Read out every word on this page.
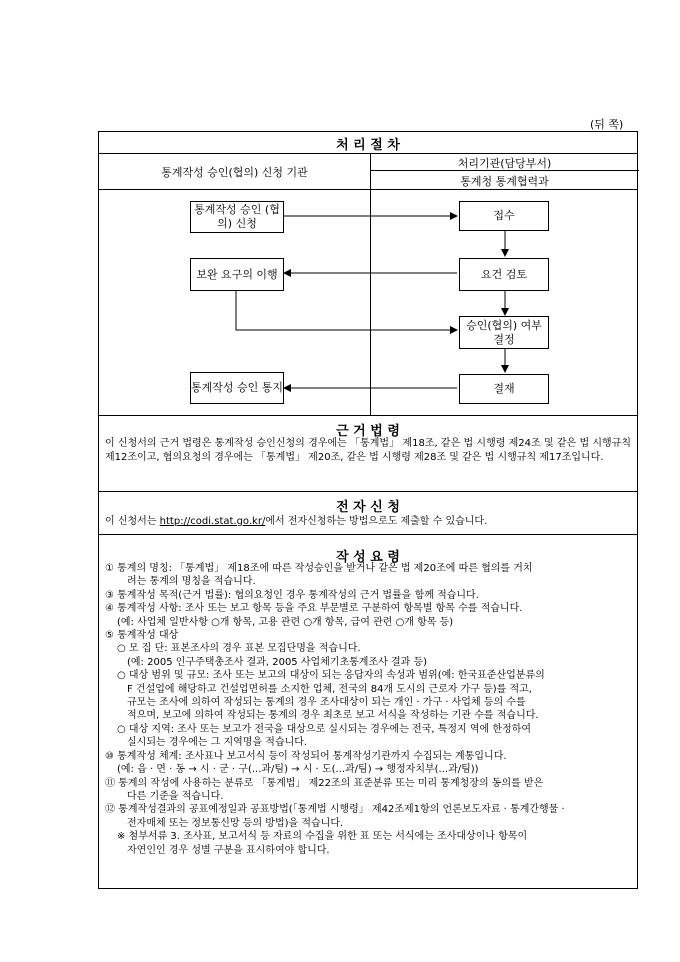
(뒤 쪽)
처 리 절 차
통계작성 승인(협의) 신청 기관
처리기관(담당부서)
통계청 통계협력과
통계작성 승인 (협의) 신청
보완 요구의 이행
통계작성 승인 통지
접수
요건 검토
승인(협의) 여부 결정
결재
근 거 법 령
이 신청서의 근거 법령은 통계작성 승인신청의 경우에는 「통계법」 제18조, 같은 법 시행령 제24조 및 같은 법 시행규칙 제12조이고, 협의요청의 경우에는 「통계법」 제20조, 같은 법 시행령 제28조 및 같은 법 시행규칙 제17조입니다.
전 자 신 청
이 신청서는 http://codi.stat.go.kr/에서 전자신청하는 방법으로도 제출할 수 있습니다.
작 성 요 령
① 통계의 명칭: 「통계법」 제18조에 따른 작성승인을 받거나 같은 법 제20조에 따른 협의를 거치
려는 통계의 명칭을 적습니다.
③ 통계작성 목적(근거 법률): 협의요청인 경우 통계작성의 근거 법률을 함께 적습니다.
④ 통계작성 사항: 조사 또는 보고 항목 등을 주요 부문별로 구분하여 항목별 항목 수를 적습니다.
(예: 사업체 일반사항 ○개 항목, 고용 관련 ○개 항목, 급여 관련 ○개 항목 등)
⑤ 통계작성 대상
○ 모 집 단: 표본조사의 경우 표본 모집단명을 적습니다.
(예: 2005 인구주택총조사 결과, 2005 사업체기초통계조사 결과 등)
○ 대상 범위 및 규모: 조사 또는 보고의 대상이 되는 응답자의 속성과 범위(예: 한국표준산업분류의
F 건설업에 해당하고 건설업면허를 소지한 업체, 전국의 84개 도시의 근로자 가구 등)를 적고,
규모는 조사에 의하여 작성되는 통계의 경우 조사대상이 되는 개인 · 가구 · 사업체 등의 수를
적으며, 보고에 의하여 작성되는 통계의 경우 최초로 보고 서식을 작성하는 기관 수를 적습니다.
○ 대상 지역: 조사 또는 보고가 전국을 대상으로 실시되는 경우에는 전국, 특정지 역에 한정하여
실시되는 경우에는 그 지역명을 적습니다.
⑩ 통계작성 체계: 조사표나 보고서식 등이 작성되어 통계작성기관까지 수집되는 계통입니다.
(예: 읍 · 면 · 동 → 시 · 군 · 구(...과/팀) → 시 · 도(...과/팀) → 행정자치부(...과/팀))
⑪ 통계의 작성에 사용하는 분류로 「통계법」 제22조의 표준분류 또는 미리 통계청장의 동의를 받은
다른 기준을 적습니다.
⑫ 통계작성결과의 공표예정일과 공표방법(「통계법 시행령」 제42조제1항의 언론보도자료 · 통계간행물 ·
전자매체 또는 정보통신망 등의 방법)을 적습니다.
※ 첨부서류 3. 조사표, 보고서식 등 자료의 수집을 위한 표 또는 서식에는 조사대상이나 항목이
자연인인 경우 성별 구분을 표시하여야 합니다.
